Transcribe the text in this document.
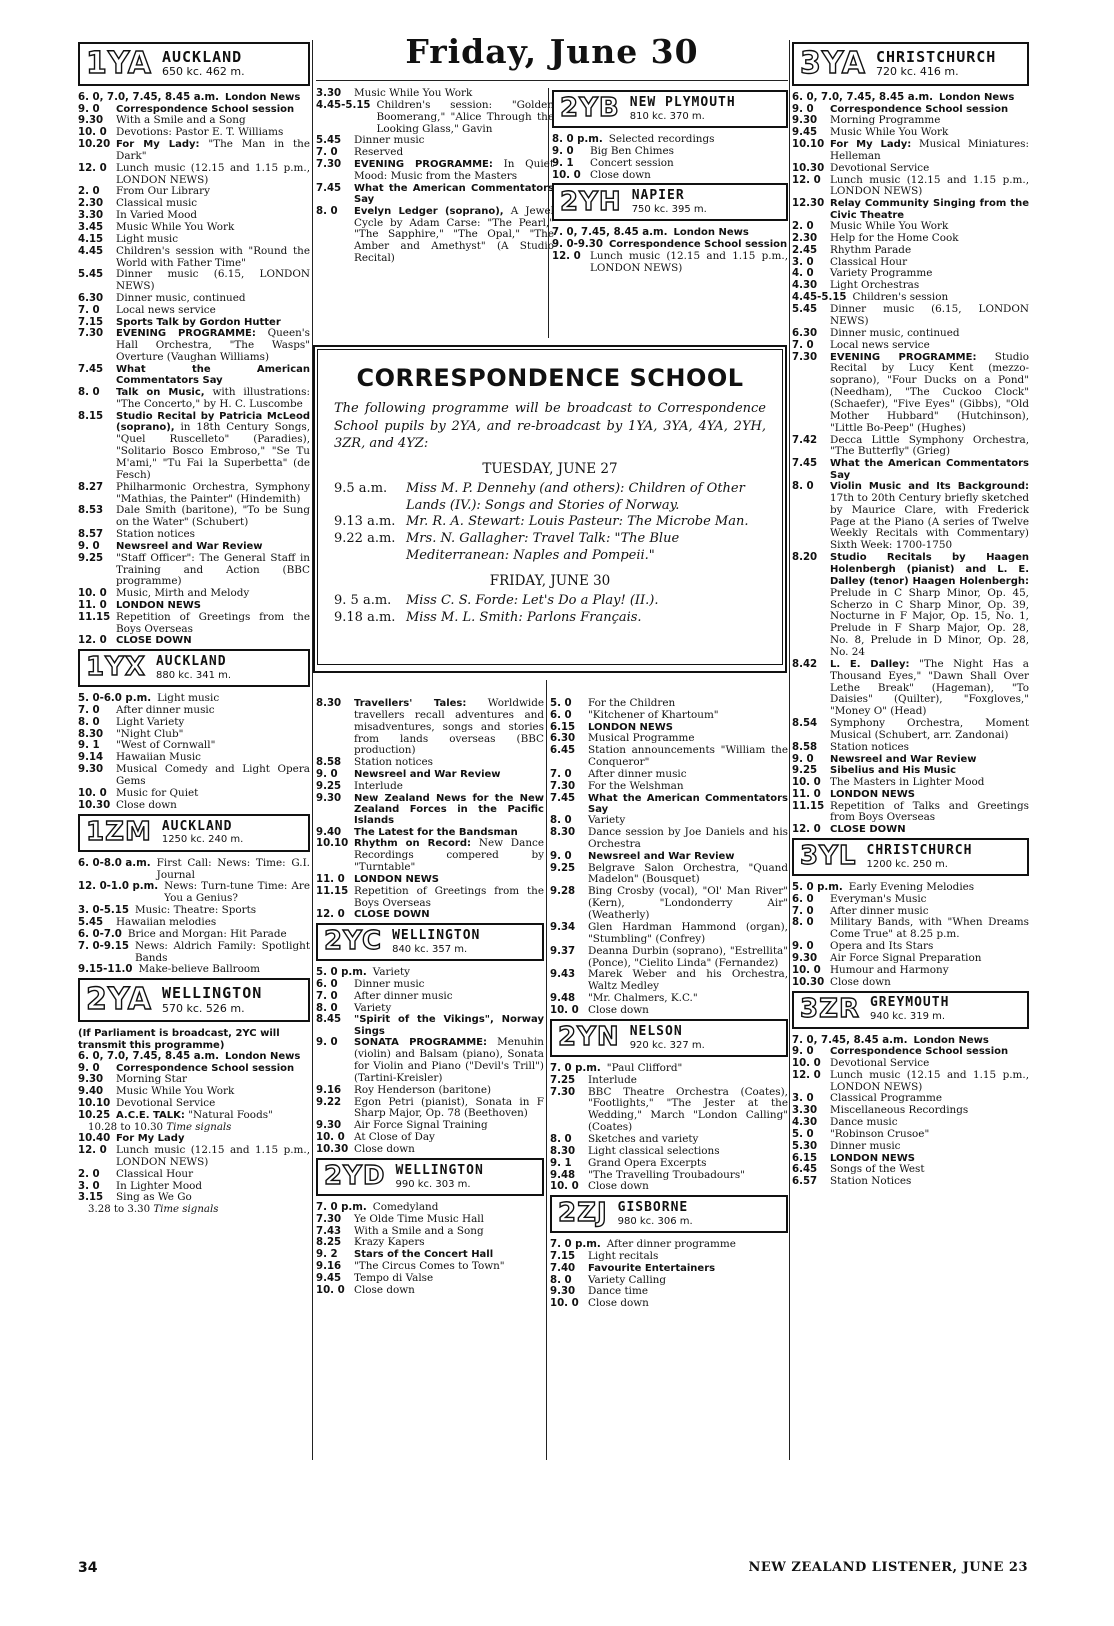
Friday, June 30
1YA AUCKLAND
650 kc. 462 m.
6. 0, 7.0, 7.45, 8.45 a.m. London News
9. 0	Correspondence School session
9.30	With a Smile and a Song
10. 0 Devotions: Pastor E. T. Williams
10.20 For My Lady: "The Man in the Dark"
12. 0 Lunch music (12.15 and 1.15 p.m., LONDON NEWS)
2. 0	From Our Library
2.30	Classical music
3.30	In Varied Mood
3.45	Music While You Work
4.15	Light music
4.45	Children's session with "Round the World with Father Time"
5.45	Dinner music (6.15, LONDON NEWS)
6.30	Dinner music, continued
7. 0	Local news service
7.15	Sports Talk by Gordon Hutter
7.30	EVENING PROGRAMME: Queen's Hall Orchestra, "The Wasps" Overture (Vaughan Williams)
7.45	What the American Commentators Say
8. 0	Talk on Music, with illustrations: "The Concerto," by H. C. Luscombe
8.15	Studio Recital by Patricia McLeod (soprano), in 18th Century Songs, "Quel Ruscelleto" (Paradies), "Solitario Bosco Embroso," "Se Tu M'ami," "Tu Fai la Superbetta" (de Fesch)
8.27	Philharmonic Orchestra, Symphony "Mathias, the Painter" (Hindemith)
8.53	Dale Smith (baritone), "To be Sung on the Water" (Schubert)
8.57	Station notices
9. 0	Newsreel and War Review
9.25	"Staff Officer": The General Staff in Training and Action (BBC programme)
10. 0 Music, Mirth and Melody
11. 0 LONDON NEWS
11.15 Repetition of Greetings from the Boys Overseas
12. 0 CLOSE DOWN
1YX AUCKLAND
880 kc. 341 m.
5. 0-6.0 p.m. Light music
7. 0	After dinner music
8. 0	Light Variety
8.30	"Night Club"
9. 1	"West of Cornwall"
9.14	Hawaiian Music
9.30	Musical Comedy and Light Opera Gems
10. 0 Music for Quiet
10.30 Close down
1ZM AUCKLAND
1250 kc. 240 m.
6. 0-8.0 a.m. First Call: News: Time: G.I. Journal
12. 0-1.0 p.m. News: Turn-tune Time: Are You a Genius?
3. 0-5.15 Music: Theatre: Sports
5.45	Hawaiian melodies
6. 0-7.0 Brice and Morgan: Hit Parade
7. 0-9.15 News: Aldrich Family: Spotlight Bands
9.15-11.0 Make-believe Ballroom
2YA WELLINGTON
570 kc. 526 m.
(If Parliament is broadcast, 2YC will transmit this programme)
6. 0, 7.0, 7.45, 8.45 a.m. London News
9. 0	Correspondence School session
9.30	Morning Star
9.40	Music While You Work
10.10 Devotional Service
10.25 A.C.E. TALK: "Natural Foods"
10.28 to 10.30 Time signals
10.40 For My Lady
12. 0 Lunch music (12.15 and 1.15 p.m., LONDON NEWS)
2. 0	Classical Hour
3. 0	In Lighter Mood
3.15	Sing as We Go
3.28 to 3.30 Time signals
3.30	Music While You Work
4.45-5.15 Children's session: "Golden Boomerang," "Alice Through the Looking Glass," Gavin
5.45	Dinner music
7. 0	Reserved
7.30	EVENING PROGRAMME: In Quiet Mood: Music from the Masters
7.45	What the American Commentators Say
8. 0	Evelyn Ledger (soprano), A Jewel Cycle by Adam Carse: "The Pearl," "The Sapphire," "The Opal," "The Amber and Amethyst" (A Studio Recital)
2YB NEW PLYMOUTH
810 kc. 370 m.
8. 0 p.m. Selected recordings
9. 0	Big Ben Chimes
9. 1	Concert session
10. 0 Close down
2YH NAPIER
750 kc. 395 m.
7. 0, 7.45, 8.45 a.m. London News
9. 0-9.30 Correspondence School session
12. 0 Lunch music (12.15 and 1.15 p.m., LONDON NEWS)
CORRESPONDENCE SCHOOL
The following programme will be broadcast to Correspondence School pupils by 2YA, and re-broadcast by 1YA, 3YA, 4YA, 2YH, 3ZR, and 4YZ:
TUESDAY, JUNE 27
9.5 a.m.	Miss M. P. Dennehy (and others): Children of Other Lands (IV.): Songs and Stories of Norway.
9.13 a.m. Mr. R. A. Stewart: Louis Pasteur: The Microbe Man.
9.22 a.m. Mrs. N. Gallagher: Travel Talk: "The Blue Mediterranean: Naples and Pompeii."
FRIDAY, JUNE 30
9. 5 a.m.	Miss C. S. Forde: Let's Do a Play! (II.).
9.18 a.m. Miss M. L. Smith: Parlons Français.
8.30	Travellers' Tales: Worldwide travellers recall adventures and misadventures, songs and stories from lands overseas (BBC production)
8.58	Station notices
9. 0	Newsreel and War Review
9.25	Interlude
9.30	New Zealand News for the New Zealand Forces in the Pacific Islands
9.40	The Latest for the Bandsman
10.10 Rhythm on Record: New Dance Recordings compered by "Turntable"
11. 0 LONDON NEWS
11.15 Repetition of Greetings from the Boys Overseas
12. 0 CLOSE DOWN
2YC WELLINGTON
840 kc. 357 m.
5. 0 p.m. Variety
6. 0	Dinner music
7. 0	After dinner music
8. 0	Variety
8.45	"Spirit of the Vikings", Norway Sings
9. 0	SONATA PROGRAMME: Menuhin (violin) and Balsam (piano), Sonata for Violin and Piano ("Devil's Trill") (Tartini-Kreisler)
9.16	Roy Henderson (baritone)
9.22	Egon Petri (pianist), Sonata in F Sharp Major, Op. 78 (Beethoven)
9.30	Air Force Signal Training
10. 0 At Close of Day
10.30 Close down
2YD WELLINGTON
990 kc. 303 m.
7. 0 p.m. Comedyland
7.30	Ye Olde Time Music Hall
7.43	With a Smile and a Song
8.25	Krazy Kapers
9. 2	Stars of the Concert Hall
9.16	"The Circus Comes to Town"
9.45	Tempo di Valse
10. 0 Close down
5. 0	For the Children
6. 0	"Kitchener of Khartoum"
6.15	LONDON NEWS
6.30	Musical Programme
6.45	Station announcements "William the Conqueror"
7. 0	After dinner music
7.30	For the Welshman
7.45	What the American Commentators Say
8. 0	Variety
8.30	Dance session by Joe Daniels and his Orchestra
9. 0	Newsreel and War Review
9.25	Belgrave Salon Orchestra, "Quand Madelon" (Bousquet)
9.28	Bing Crosby (vocal), "Ol' Man River" (Kern), "Londonderry Air" (Weatherly)
9.34	Glen Hardman Hammond (organ), "Stumbling" (Confrey)
9.37	Deanna Durbin (soprano), "Estrellita" (Ponce), "Cielito Linda" (Fernandez)
9.43	Marek Weber and his Orchestra, Waltz Medley
9.48	"Mr. Chalmers, K.C."
10. 0 Close down
2YN NELSON
920 kc. 327 m.
7. 0 p.m. "Paul Clifford"
7.25	Interlude
7.30	BBC Theatre Orchestra (Coates), "Footlights," "The Jester at the Wedding," March "London Calling" (Coates)
8. 0	Sketches and variety
8.30	Light classical selections
9. 1	Grand Opera Excerpts
9.48	"The Travelling Troubadours"
10. 0 Close down
2ZJ GISBORNE
980 kc. 306 m.
7. 0 p.m. After dinner programme
7.15	Light recitals
7.40	Favourite Entertainers
8. 0	Variety Calling
9.30	Dance time
10. 0 Close down
3YA CHRISTCHURCH
720 kc. 416 m.
6. 0, 7.0, 7.45, 8.45 a.m. London News
9. 0	Correspondence School session
9.30	Morning Programme
9.45	Music While You Work
10.10 For My Lady: Musical Miniatures: Helleman
10.30 Devotional Service
12. 0 Lunch music (12.15 and 1.15 p.m., LONDON NEWS)
12.30 Relay Community Singing from the Civic Theatre
2. 0	Music While You Work
2.30	Help for the Home Cook
2.45	Rhythm Parade
3. 0	Classical Hour
4. 0	Variety Programme
4.30	Light Orchestras
4.45-5.15 Children's session
5.45	Dinner music (6.15, LONDON NEWS)
6.30	Dinner music, continued
7. 0	Local news service
7.30	EVENING PROGRAMME: Studio Recital by Lucy Kent (mezzo-soprano), "Four Ducks on a Pond" (Needham), "The Cuckoo Clock" (Schaefer), "Five Eyes" (Gibbs), "Old Mother Hubbard" (Hutchinson), "Little Bo-Peep" (Hughes)
7.42	Decca Little Symphony Orchestra, "The Butterfly" (Grieg)
7.45	What the American Commentators Say
8. 0	Violin Music and Its Background: 17th to 20th Century briefly sketched by Maurice Clare, with Frederick Page at the Piano (A series of Twelve Weekly Recitals with Commentary) Sixth Week: 1700-1750
8.20	Studio Recitals by Haagen Holenbergh (pianist) and L. E. Dalley (tenor) Haagen Holenbergh: Prelude in C Sharp Minor, Op. 45, Scherzo in C Sharp Minor, Op. 39, Nocturne in F Major, Op. 15, No. 1, Prelude in F Sharp Major, Op. 28, No. 8, Prelude in D Minor, Op. 28, No. 24
8.42	L. E. Dalley: "The Night Has a Thousand Eyes," "Dawn Shall Over Lethe Break" (Hageman), "To Daisies" (Quilter), "Foxgloves," "Money O" (Head)
8.54	Symphony Orchestra, Moment Musical (Schubert, arr. Zandonai)
8.58	Station notices
9. 0	Newsreel and War Review
9.25	Sibelius and His Music
10. 0 The Masters in Lighter Mood
11. 0 LONDON NEWS
11.15 Repetition of Talks and Greetings from Boys Overseas
12. 0 CLOSE DOWN
3YL CHRISTCHURCH
1200 kc. 250 m.
5. 0 p.m. Early Evening Melodies
6. 0	Everyman's Music
7. 0	After dinner music
8. 0	Military Bands, with "When Dreams Come True" at 8.25 p.m.
9. 0	Opera and Its Stars
9.30	Air Force Signal Preparation
10. 0 Humour and Harmony
10.30 Close down
3ZR GREYMOUTH
940 kc. 319 m.
7. 0, 7.45, 8.45 a.m. London News
9. 0	Correspondence School session
10. 0 Devotional Service
12. 0 Lunch music (12.15 and 1.15 p.m., LONDON NEWS)
3. 0	Classical Programme
3.30	Miscellaneous Recordings
4.30	Dance music
5. 0	"Robinson Crusoe"
5.30	Dinner music
6.15	LONDON NEWS
6.45	Songs of the West
6.57	Station Notices
34	NEW ZEALAND LISTENER, JUNE 23
